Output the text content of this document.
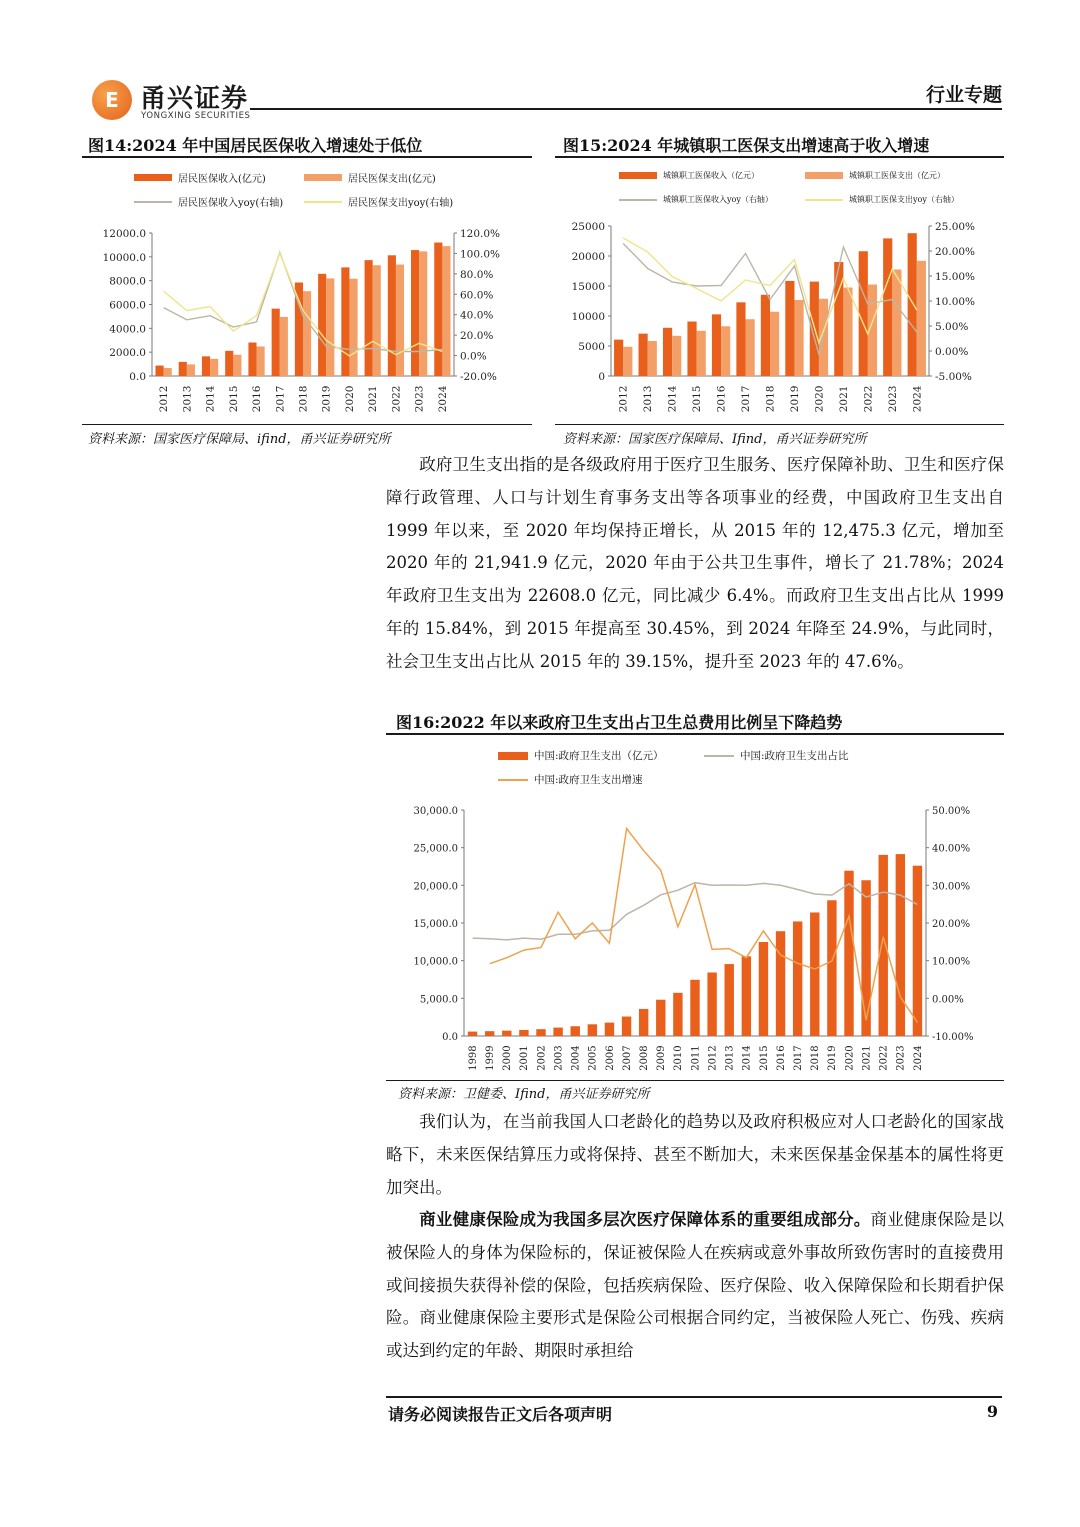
E 甬兴证券
YONGXING SECURITIES
行业专题
图14:2024 年中国居民医保收入增速处于低位
居民医保收入(亿元)	居民医保支出(亿元)
居民医保收入yoy(右轴)	居民医保支出yoy(右轴)
0.0
2000.0
4000.0
6000.0
8000.0
10000.0
12000.0
-20.0%
0.0%
20.0%
40.0%
60.0%
80.0%
100.0%
120.0%
2012 2013 2014 2015 2016 2017 2018 2019 2020 2021 2022 2023 2024
资料来源：国家医疗保障局、ifind，甬兴证券研究所
图15:2024 年城镇职工医保支出增速高于收入增速
城镇职工医保收入（亿元）	城镇职工医保支出（亿元）
城镇职工医保收入yoy（右轴）	城镇职工医保支出yoy（右轴）
0
5000
10000
15000
20000
25000
-5.00%
0.00%
5.00%
10.00%
15.00%
20.00%
25.00%
2012 2013 2014 2015 2016 2017 2018 2019 2020 2021 2022 2023 2024
资料来源：国家医疗保障局、Ifind，甬兴证券研究所

政府卫生支出指的是各级政府用于医疗卫生服务、医疗保障补助、卫生和医疗保障行政管理、人口与计划生育事务支出等各项事业的经费，中国政府卫生支出自 1999 年以来，至 2020 年均保持正增长，从 2015 年的 12,475.3 亿元，增加至 2020 年的 21,941.9 亿元，2020 年由于公共卫生事件，增长了 21.78%；2024 年政府卫生支出为 22608.0 亿元，同比减少 6.4%。而政府卫生支出占比从 1999 年的 15.84%，到 2015 年提高至 30.45%，到 2024 年降至 24.9%，与此同时，社会卫生支出占比从 2015 年的 39.15%，提升至 2023 年的 47.6%。

图16:2022 年以来政府卫生支出占卫生总费用比例呈下降趋势
中国:政府卫生支出（亿元）	中国:政府卫生支出占比
中国:政府卫生支出增速
0.0
5,000.0
10,000.0
15,000.0
20,000.0
25,000.0
30,000.0
-10.00%
0.00%
10.00%
20.00%
30.00%
40.00%
50.00%
1998 1999 2000 2001 2002 2003 2004 2005 2006 2007 2008 2009 2010 2011 2012 2013 2014 2015 2016 2017 2018 2019 2020 2021 2022 2023 2024
资料来源：卫健委、Ifind，甬兴证券研究所

我们认为，在当前我国人口老龄化的趋势以及政府积极应对人口老龄化的国家战略下，未来医保结算压力或将保持、甚至不断加大，未来医保基金保基本的属性将更加突出。

商业健康保险成为我国多层次医疗保障体系的重要组成部分。商业健康保险是以被保险人的身体为保险标的，保证被保险人在疾病或意外事故所致伤害时的直接费用或间接损失获得补偿的保险，包括疾病保险、医疗保险、收入保障保险和长期看护保险。商业健康保险主要形式是保险公司根据合同约定，当被保险人死亡、伤残、疾病或达到约定的年龄、期限时承担给

请务必阅读报告正文后各项声明	9
